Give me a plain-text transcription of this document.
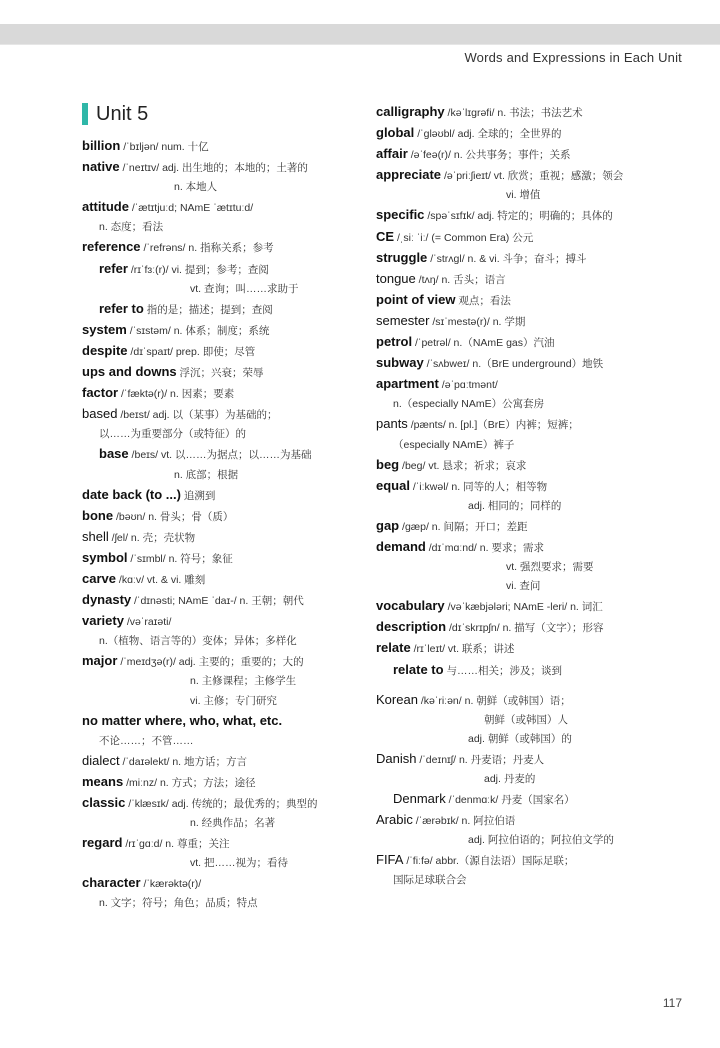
Words and Expressions in Each Unit
Unit 5
billion /ˈbɪljən/ num. 十亿
native /ˈneɪtɪv/ adj. 出生地的；本地的；土著的
n. 本地人
attitude /ˈætɪtjuːd; NAmE ˈætɪtuːd/
n. 态度；看法
reference /ˈrefrəns/ n. 指称关系；参考
refer /rɪˈfɜː(r)/ vi. 提到；参考；查阅
vt. 查询；叫……求助于
refer to 指的是；描述；提到；查阅
system /ˈsɪstəm/ n. 体系；制度；系统
despite /dɪˈspaɪt/ prep. 即使；尽管
ups and downs 浮沉；兴衰；荣辱
factor /ˈfæktə(r)/ n. 因素；要素
based /beɪst/ adj. 以（某事）为基础的；
以……为重要部分（或特征）的
base /beɪs/ vt. 以……为据点；以……为基础
n. 底部；根据
date back (to ...) 追溯到
bone /bəʊn/ n. 骨头；骨（质）
shell /ʃel/ n. 壳；壳状物
symbol /ˈsɪmbl/ n. 符号；象征
carve /kɑːv/ vt. & vi. 雕刻
dynasty /ˈdɪnəsti; NAmE ˈdaɪ-/ n. 王朝；朝代
variety /vəˈraɪəti/
n.（植物、语言等的）变体；异体；多样化
major /ˈmeɪdʒə(r)/ adj. 主要的；重要的；大的
n. 主修课程；主修学生
vi. 主修；专门研究
no matter where, who, what, etc.
不论……；不管……
dialect /ˈdaɪəlekt/ n. 地方话；方言
means /miːnz/ n. 方式；方法；途径
classic /ˈklæsɪk/ adj. 传统的；最优秀的；典型的
n. 经典作品；名著
regard /rɪˈɡɑːd/ n. 尊重；关注
vt. 把……视为；看待
character /ˈkærəktə(r)/
n. 文字；符号；角色；品质；特点
calligraphy /kəˈlɪɡrəfi/ n. 书法；书法艺术
global /ˈɡləʊbl/ adj. 全球的；全世界的
affair /əˈfeə(r)/ n. 公共事务；事件；关系
appreciate /əˈpriːʃieɪt/ vt. 欣赏；重视；感激；领会
vi. 增值
specific /spəˈsɪfɪk/ adj. 特定的；明确的；具体的
CE /ˌsiː ˈiː/ (= Common Era) 公元
struggle /ˈstrʌɡl/ n. & vi. 斗争；奋斗；搏斗
tongue /tʌŋ/ n. 舌头；语言
point of view 观点；看法
semester /sɪˈmestə(r)/ n. 学期
petrol /ˈpetrəl/ n.（NAmE gas）汽油
subway /ˈsʌbweɪ/ n.（BrE underground）地铁
apartment /əˈpɑːtmənt/
n.（especially NAmE）公寓套房
pants /pænts/ n. [pl.]（BrE）内裤；短裤；
（especially NAmE）裤子
beg /beɡ/ vt. 恳求；祈求；哀求
equal /ˈiːkwəl/ n. 同等的人；相等物
adj. 相同的；同样的
gap /ɡæp/ n. 间隔；开口；差距
demand /dɪˈmɑːnd/ n. 要求；需求
vt. 强烈要求；需要
vi. 查问
vocabulary /vəˈkæbjələri; NAmE -leri/ n. 词汇
description /dɪˈskrɪpʃn/ n. 描写（文字）；形容
relate /rɪˈleɪt/ vt. 联系；讲述
relate to 与……相关；涉及；谈到
Korean /kəˈriːən/ n. 朝鲜（或韩国）语；
朝鲜（或韩国）人
adj. 朝鲜（或韩国）的
Danish /ˈdeɪnɪʃ/ n. 丹麦语；丹麦人
adj. 丹麦的
Denmark /ˈdenmɑːk/ 丹麦（国家名）
Arabic /ˈærəbɪk/ n. 阿拉伯语
adj. 阿拉伯语的；阿拉伯文学的
FIFA /ˈfiːfə/ abbr.（源自法语）国际足联；
国际足球联合会
117
